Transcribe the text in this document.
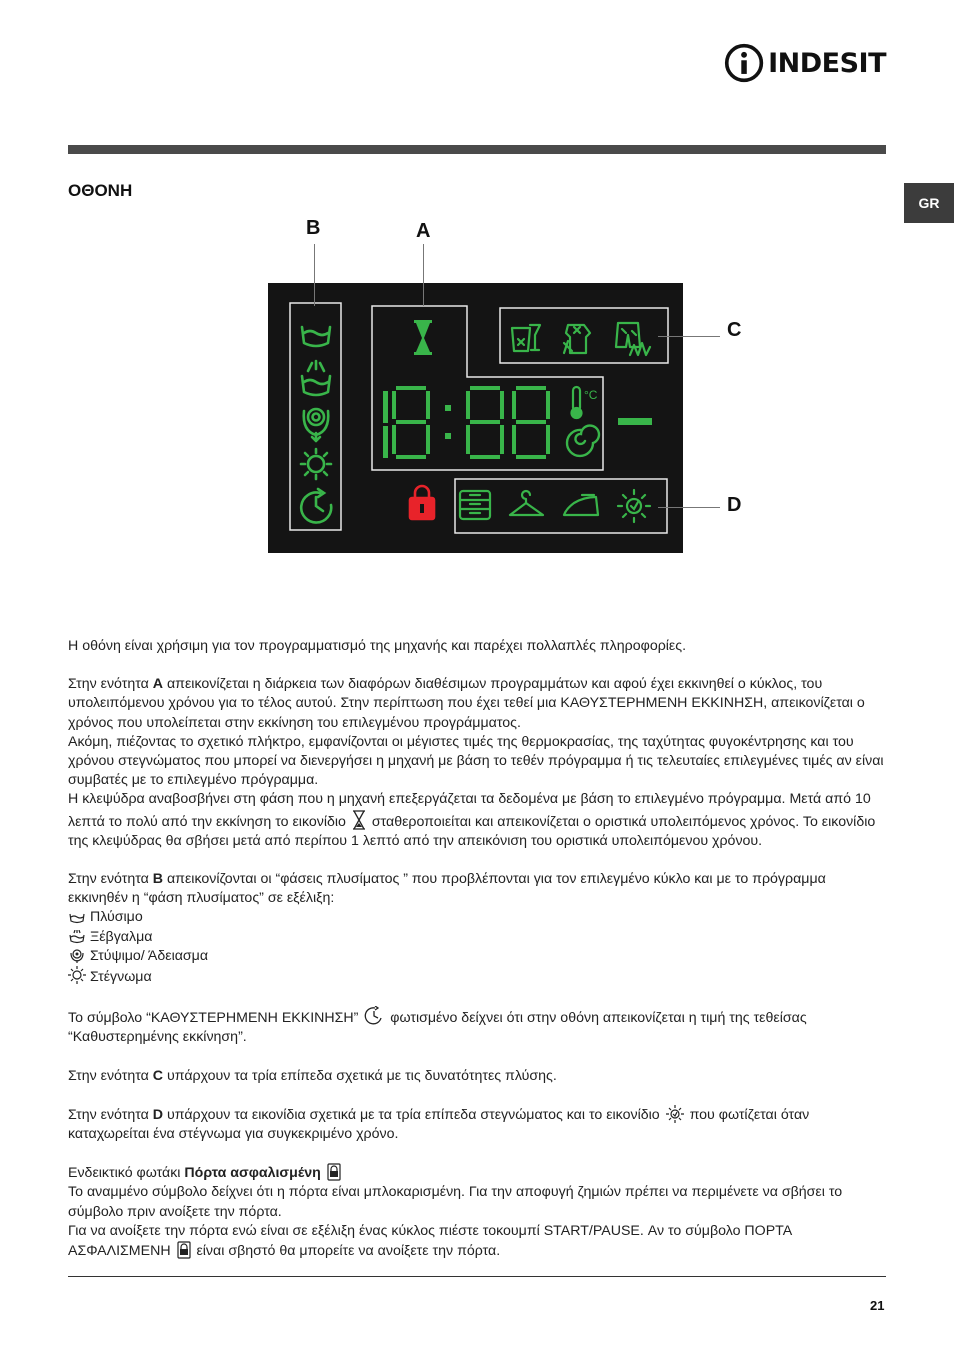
INDESIT
GR
ΟΘΟΝΗ
B	A
C
D
°C

Η οθόνη είναι χρήσιμη για τον προγραμματισμό της μηχανής και παρέχει πολλαπλές πληροφορίες.

Στην ενότητα A απεικονίζεται η διάρκεια των διαφόρων διαθέσιμων προγραμμάτων και αφού έχει εκκινηθεί ο κύκλος, του υπολειπόμενου χρόνου για το τέλος αυτού. Στην περίπτωση που έχει τεθεί μια ΚΑΘΥΣΤΕΡΗΜΕΝΗ ΕΚΚΙΝΗΣΗ, απεικονίζεται ο χρόνος που υπολείπεται στην εκκίνηση του επιλεγμένου προγράμματος.

Ακόμη, πιέζοντας το σχετικό πλήκτρο, εμφανίζονται οι μέγιστες τιμές της θερμοκρασίας, της ταχύτητας φυγοκέντρησης και του χρόνου στεγνώματος που μπορεί να διενεργήσει η μηχανή με βάση το τεθέν πρόγραμμα ή τις τελευταίες επιλεγμένες τιμές αν είναι συμβατές με το επιλεγμένο πρόγραμμα.

Η κλεψύδρα αναβοσβήνει στη φάση που η μηχανή επεξεργάζεται τα δεδομένα με βάση το επιλεγμένο πρόγραμμα. Μετά από 10 λεπτά το πολύ από την εκκίνηση το εικονίδιο  σταθεροποιείται και απεικονίζεται ο οριστικά υπολειπόμενος χρόνος. Το εικονίδιο της κλεψύδρας θα σβήσει μετά από περίπου 1 λεπτό από την απεικόνιση του οριστικά υπολειπόμενου χρόνου.

Στην ενότητα B απεικονίζονται οι “φάσεις πλυσίματος ” που προβλέπονται για τον επιλεγμένο κύκλο και με το πρόγραμμα εκκινηθέν η “φάση πλυσίματος” σε εξέλιξη:

Πλύσιμο

Ξέβγαλμα

Στύψιμο/ Άδειασμα

Στέγνωμα

Το σύμβολο “ΚΑΘΥΣΤΕΡΗΜΕΝΗ ΕΚΚΙΝΗΣΗ”  φωτισμένο δείχνει ότι στην οθόνη απεικονίζεται η τιμή της τεθείσας “Καθυστερημένης εκκίνηση”.

Στην ενότητα C υπάρχουν τα τρία επίπεδα σχετικά με τις δυνατότητες πλύσης.

Στην ενότητα D υπάρχουν τα εικονίδια σχετικά με τα τρία επίπεδα στεγνώματος και το εικονίδιο  που φωτίζεται όταν καταχωρείται ένα στέγνωμα για συγκεκριμένο χρόνο.

Ενδεικτικό φωτάκι Πόρτα ασφαλισμένη

Το αναμμένο σύμβολο δείχνει ότι η πόρτα είναι μπλοκαρισμένη. Για την αποφυγή ζημιών πρέπει να περιμένετε να σβήσει το σύμβολο πριν ανοίξετε την πόρτα.

Για να ανοίξετε την πόρτα ενώ είναι σε εξέλιξη ένας κύκλος πιέστε τοκουμπί START/PAUSE. Αν το σύμβολο ΠΟΡΤΑ ΑΣΦΑΛΙΣΜΕΝΗ  είναι σβηστό θα μπορείτε να ανοίξετε την πόρτα.

21
